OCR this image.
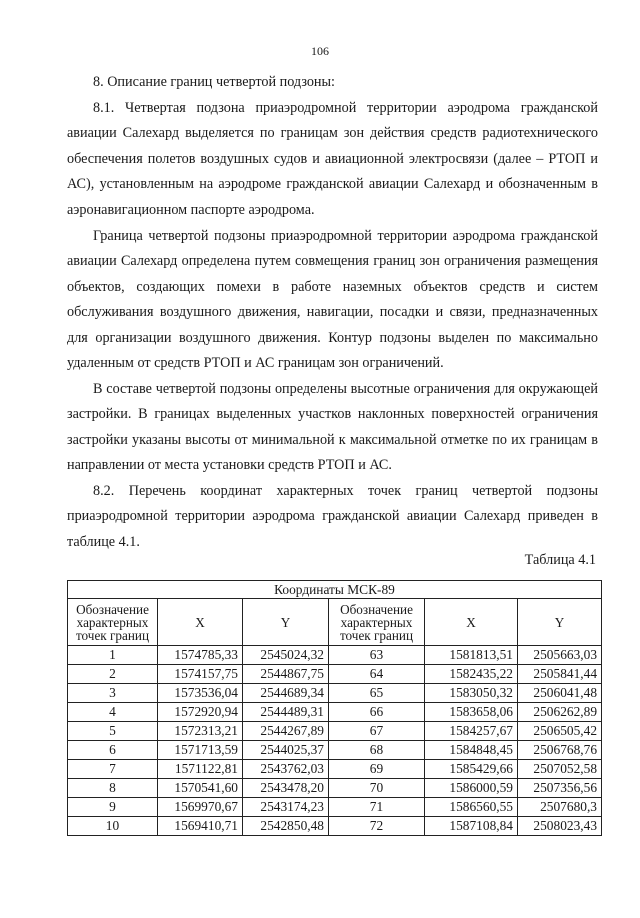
106

8. Описание границ четвертой подзоны:

8.1. Четвертая подзона приаэродромной территории аэродрома гражданской авиации Салехард выделяется по границам зон действия средств радиотехнического обеспечения полетов воздушных судов и авиационной электросвязи (далее – РТОП и АС), установленным на аэродроме гражданской авиации Салехард и обозначенным в аэронавигационном паспорте аэродрома.

Граница четвертой подзоны приаэродромной территории аэродрома гражданской авиации Салехард определена путем совмещения границ зон ограничения размещения объектов, создающих помехи в работе наземных объектов средств и систем обслуживания воздушного движения, навигации, посадки и связи, предназначенных для организации воздушного движения. Контур подзоны выделен по максимально удаленным от средств РТОП и АС границам зон ограничений.

В составе четвертой подзоны определены высотные ограничения для окружающей застройки. В границах выделенных участков наклонных поверхностей ограничения застройки указаны высоты от минимальной к максимальной отметке по их границам в направлении от места установки средств РТОП и АС.

8.2. Перечень координат характерных точек границ четвертой подзоны приаэродромной территории аэродрома гражданской авиации Салехард приведен в таблице 4.1.

Таблица 4.1
Координаты МСК-89					
Обозначение характерных точек границ	X	Y	Обозначение характерных точек границ	X	Y
1	1574785,33	2545024,32	63	1581813,51	2505663,03
2	1574157,75	2544867,75	64	1582435,22	2505841,44
3	1573536,04	2544689,34	65	1583050,32	2506041,48
4	1572920,94	2544489,31	66	1583658,06	2506262,89
5	1572313,21	2544267,89	67	1584257,67	2506505,42
6	1571713,59	2544025,37	68	1584848,45	2506768,76
7	1571122,81	2543762,03	69	1585429,66	2507052,58
8	1570541,60	2543478,20	70	1586000,59	2507356,56
9	1569970,67	2543174,23	71	1586560,55	2507680,3
10	1569410,71	2542850,48	72	1587108,84	2508023,43
